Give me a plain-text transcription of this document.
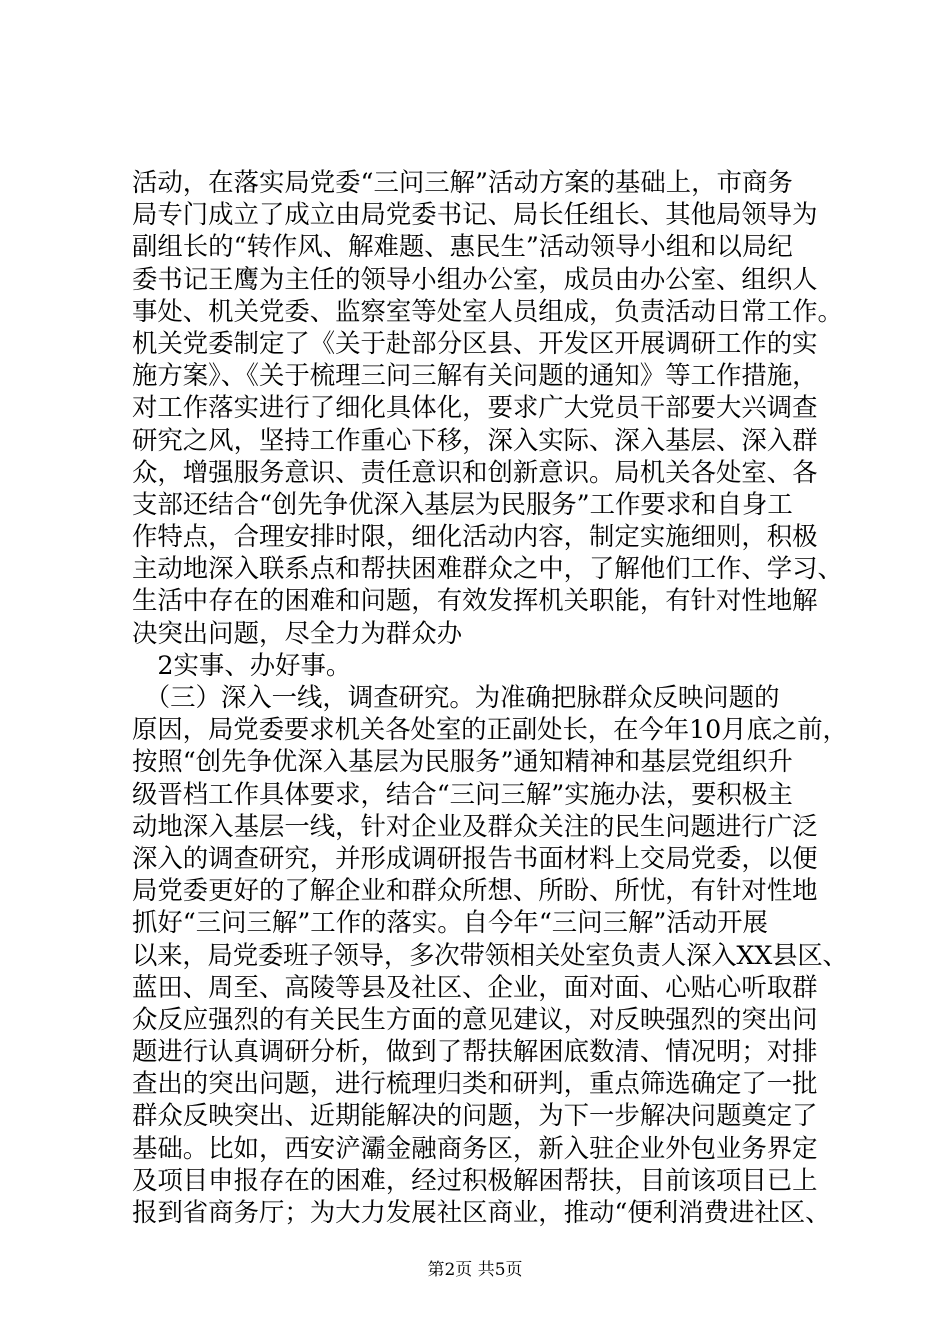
活动，在落实局党委“三问三解”活动方案的基础上，市商务
局专门成立了成立由局党委书记、局长任组长、其他局领导为
副组长的“转作风、解难题、惠民生”活动领导小组和以局纪
委书记王鹰为主任的领导小组办公室，成员由办公室、组织人
事处、机关党委、监察室等处室人员组成，负责活动日常工作。
机关党委制定了《关于赴部分区县、开发区开展调研工作的实
施方案》、《关于梳理三问三解有关问题的通知》等工作措施，
对工作落实进行了细化具体化，要求广大党员干部要大兴调查
研究之风，坚持工作重心下移，深入实际、深入基层、深入群
众，增强服务意识、责任意识和创新意识。局机关各处室、各
支部还结合“创先争优深入基层为民服务”工作要求和自身工
作特点，合理安排时限，细化活动内容，制定实施细则，积极
主动地深入联系点和帮扶困难群众之中，了解他们工作、学习、
生活中存在的困难和问题，有效发挥机关职能，有针对性地解
决突出问题，尽全力为群众办
　2实事、办好事。
　（三）深入一线，调查研究。为准确把脉群众反映问题的
原因，局党委要求机关各处室的正副处长，在今年10月底之前，
按照“创先争优深入基层为民服务”通知精神和基层党组织升
级晋档工作具体要求，结合“三问三解”实施办法，要积极主
动地深入基层一线，针对企业及群众关注的民生问题进行广泛
深入的调查研究，并形成调研报告书面材料上交局党委，以便
局党委更好的了解企业和群众所想、所盼、所忧，有针对性地
抓好“三问三解”工作的落实。自今年“三问三解”活动开展
以来，局党委班子领导，多次带领相关处室负责人深入XX县区、
蓝田、周至、高陵等县及社区、企业，面对面、心贴心听取群
众反应强烈的有关民生方面的意见建议，对反映强烈的突出问
题进行认真调研分析，做到了帮扶解困底数清、情况明；对排
查出的突出问题，进行梳理归类和研判，重点筛选确定了一批
群众反映突出、近期能解决的问题，为下一步解决问题奠定了
基础。比如，西安浐灞金融商务区，新入驻企业外包业务界定
及项目申报存在的困难，经过积极解困帮扶，目前该项目已上
报到省商务厅；为大力发展社区商业，推动“便利消费进社区、
第2页 共5页
